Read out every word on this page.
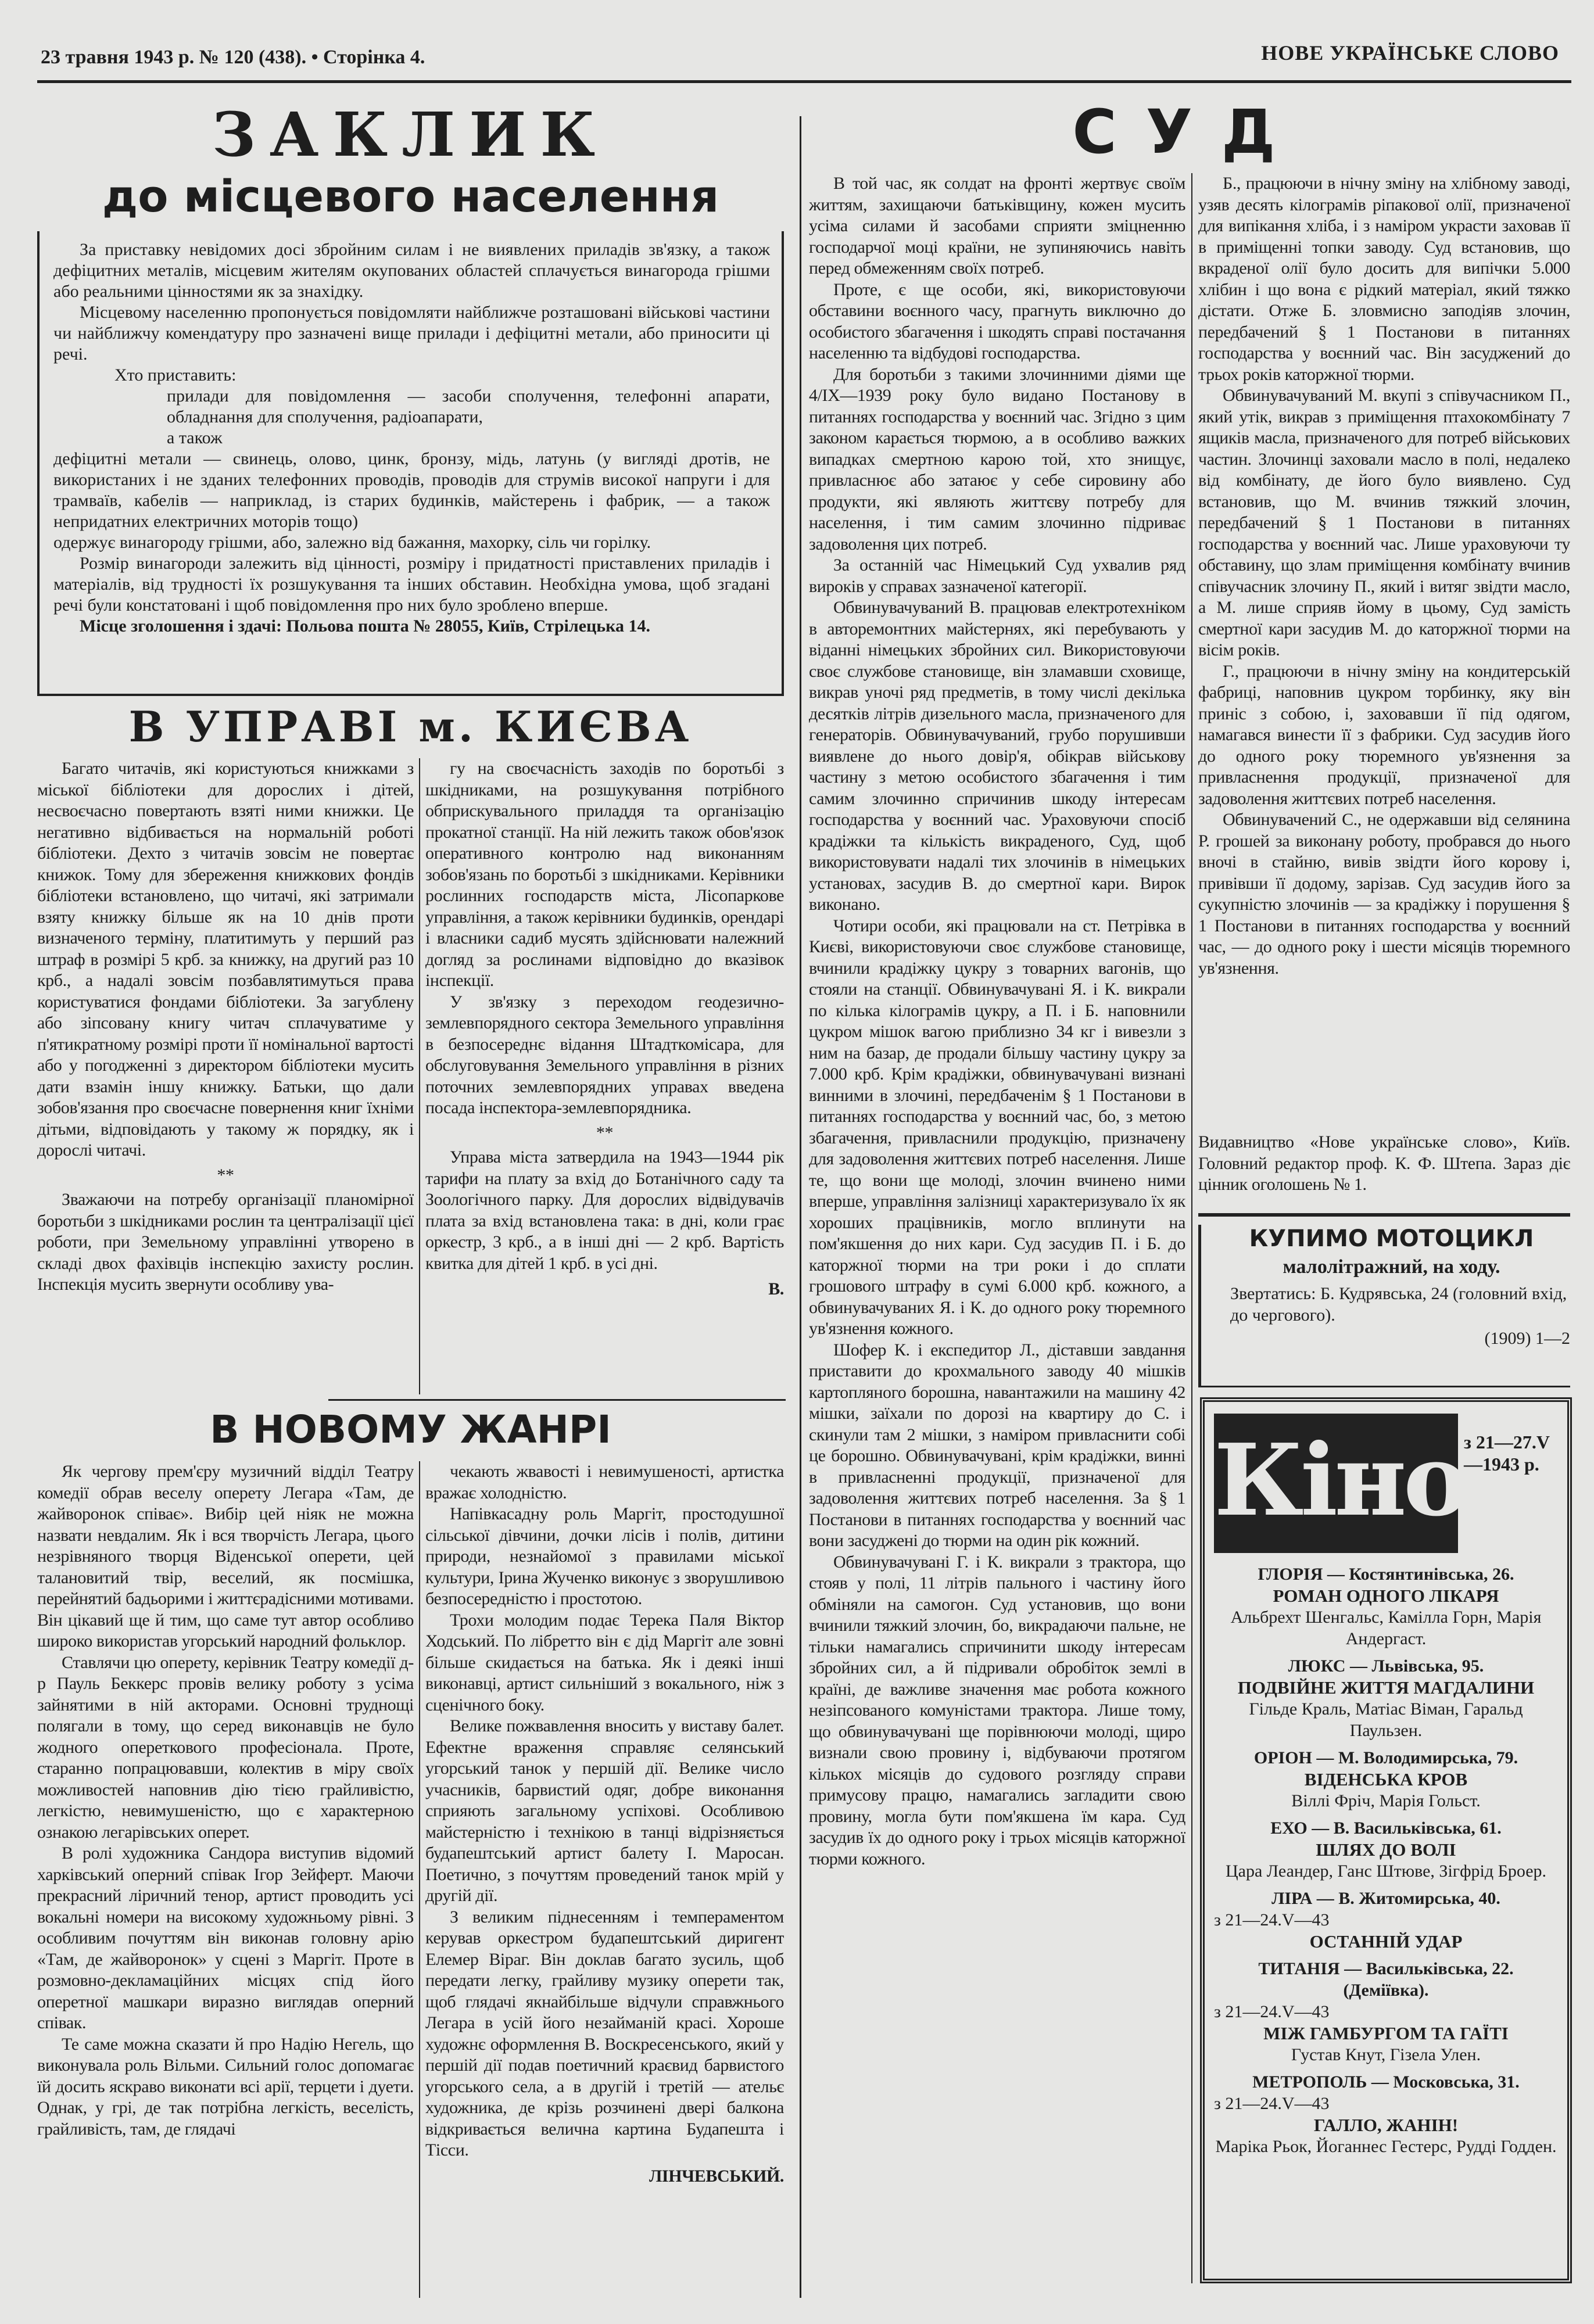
23 травня 1943 р. № 120 (438). • Сторінка 4.	НОВЕ УКРАЇНСЬКЕ СЛОВО
ЗАКЛИК
до місцевого населення

За приставку невідомих досі збройним силам і не виявлених приладів зв'язку, а також дефіцитних металів, місцевим жителям окупованих областей сплачується винагорода грішми або реальними цінностями як за знахідку.

Місцевому населенню пропонується повідомляти найближче розташовані військові частини чи найближчу комендатуру про зазначені вище прилади і дефіцитні метали, або приносити ці речі.

Хто приставить:

прилади для повідомлення — засоби сполучення, телефонні апарати, обладнання для сполучення, радіоапарати,

а також

дефіцитні метали — свинець, олово, цинк, бронзу, мідь, латунь (у вигляді дротів, не використаних і не зданих телефонних проводів, проводів для струмів високої напруги і для трамваїв, кабелів — наприклад, із старих будинків, майстерень і фабрик, — а також непридатних електричних моторів тощо)

одержує винагороду грішми, або, залежно від бажання, махорку, сіль чи горілку.

Розмір винагороди залежить від цінності, розміру і придатності приставлених приладів і матеріалів, від трудності їх розшукування та інших обставин. Необхідна умова, щоб згадані речі були констатовані і щоб повідомлення про них було зроблено вперше.

Місце зголошення і здачі: Польова пошта № 28055, Київ, Стрілецька 14.

В УПРАВІ м. КИЄВА

Багато читачів, які користуються книжками з міської бібліотеки для дорослих і дітей, несвоєчасно повертають взяті ними книжки. Це негативно відбивається на нормальній роботі бібліотеки. Дехто з читачів зовсім не повертає книжок. Тому для збереження книжкових фондів бібліотеки встановлено, що читачі, які затримали взяту книжку більше як на 10 днів проти визначеного терміну, платитимуть у перший раз штраф в розмірі 5 крб. за книжку, на другий раз 10 крб., а надалі зовсім позбавлятимуться права користуватися фондами бібліотеки. За загублену або зіпсовану книгу читач сплачуватиме у п'ятикратному розмірі проти її номінальної вартості або у погодженні з директором бібліотеки мусить дати взамін іншу книжку. Батьки, що дали зобов'язання про своєчасне повернення книг їхніми дітьми, відповідають у такому ж порядку, як і дорослі читачі.

**

Зважаючи на потребу організації планомірної боротьби з шкідниками рослин та централізації цієї роботи, при Земельному управлінні утворено в складі двох фахівців інспекцію захисту рослин. Інспекція мусить звернути особливу ува-

гу на своєчасність заходів по боротьбі з шкідниками, на розшукування потрібного обприскувального приладдя та організацію прокатної станції. На ній лежить також обов'язок оперативного контролю над виконанням зобов'язань по боротьбі з шкідниками. Керівники рослинних господарств міста, Лісопаркове управління, а також керівники будинків, орендарі і власники садиб мусять здійснювати належний догляд за рослинами відповідно до вказівок інспекції.

У зв'язку з переходом геодезично-землевпорядного сектора Земельного управління в безпосереднє відання Штадткомісара, для обслуговування Земельного управління в різних поточних землевпорядних управах введена посада інспектора-землевпорядника.

**

Управа міста затвердила на 1943—1944 рік тарифи на плату за вхід до Ботанічного саду та Зоологічного парку. Для дорослих відвідувачів плата за вхід встановлена така: в дні, коли грає оркестр, 3 крб., а в інші дні — 2 крб. Вартість квитка для дітей 1 крб. в усі дні.

В.

В НОВОМУ ЖАНРІ

Як чергову прем'єру музичний відділ Театру комедії обрав веселу оперету Легара «Там, де жайворонок співає». Вибір цей ніяк не можна назвати невдалим. Як і вся творчість Легара, цього незрівняного творця Віденської оперети, цей талановитий твір, веселий, як посмішка, перейнятий бадьорими і життєрадісними мотивами. Він цікавий ще й тим, що саме тут автор особливо широко використав угорський народний фольклор.

Ставлячи цю оперету, керівник Театру комедії д-р Пауль Беккерс провів велику роботу з усіма зайнятими в ній акторами. Основні труднощі полягали в тому, що серед виконавців не було жодного опереткового професіонала. Проте, старанно попрацювавши, колектив в міру своїх можливостей наповнив дію тією грайливістю, легкістю, невимушеністю, що є характерною ознакою легарівських оперет.

В ролі художника Сандора виступив відомий харківський оперний співак Ігор Зейферт. Маючи прекрасний ліричний тенор, артист проводить усі вокальні номери на високому художньому рівні. З особливим почуттям він виконав головну арію «Там, де жайворонок» у сцені з Маргіт. Проте в розмовно-декламаційних місцях спід його оперетної машкари виразно виглядав оперний співак.

Те саме можна сказати й про Надію Негель, що виконувала роль Вільми. Сильний голос допомагає їй досить яскраво виконати всі арії, терцети і дуети. Однак, у грі, де так потрібна легкість, веселість, грайливість, там, де глядачі

чекають жвавості і невимушеності, артистка вражає холодністю.

Напівкасадну роль Маргіт, простодушної сільської дівчини, дочки лісів і полів, дитини природи, незнайомої з правилами міської культури, Ірина Жученко виконує з зворушливою безпосередністю і простотою.

Трохи молодим подає Терека Паля Віктор Ходський. По лібретто він є дід Маргіт але зовні більше скидається на батька. Як і деякі інші виконавці, артист сильніший з вокального, ніж з сценічного боку.

Велике пожвавлення вносить у виставу балет. Ефектне враження справляє селянський угорський танок у першій дії. Велике число учасників, барвистий одяг, добре виконання сприяють загальному успіхові. Особливою майстерністю і технікою в танці відрізняється будапештський артист балету І. Маросан. Поетично, з почуттям проведений танок мрій у другій дії.

З великим піднесенням і темпераментом керував оркестром будапештський диригент Елемер Віраг. Він доклав багато зусиль, щоб передати легку, грайливу музику оперети так, щоб глядачі якнайбільше відчули справжнього Легара в усій його незайманій красі. Хороше художнє оформлення В. Воскресенського, який у першій дії подав поетичний краєвид барвистого угорського села, а в другій і третій — ательє художника, де крізь розчинені двері балкона відкривається велична картина Будапешта і Тісси.

ЛІНЧЕВСЬКИЙ.

СУД

В той час, як солдат на фронті жертвує своїм життям, захищаючи батьківщину, кожен мусить усіма силами й засобами сприяти зміцненню господарчої моці країни, не зупиняючись навіть перед обмеженням своїх потреб.

Проте, є ще особи, які, використовуючи обставини воєнного часу, прагнуть виключно до особистого збагачення і шкодять справі постачання населенню та відбудові господарства.

Для боротьби з такими злочинними діями ще 4/IX—1939 року було видано Постанову в питаннях господарства у воєнний час. Згідно з цим законом карається тюрмою, а в особливо важких випадках смертною карою той, хто знищує, привласнює або затаює у себе сировину або продукти, які являють життєву потребу для населення, і тим самим злочинно підриває задоволення цих потреб.

За останній час Німецький Суд ухвалив ряд вироків у справах зазначеної категорії.

Обвинувачуваний В. працював електротехніком в авторемонтних майстернях, які перебувають у віданні німецьких збройних сил. Використовуючи своє службове становище, він зламавши сховище, викрав уночі ряд предметів, в тому числі декілька десятків літрів дизельного масла, призначеного для генераторів. Обвинувачуваний, грубо порушивши виявлене до нього довір'я, обікрав військову частину з метою особистого збагачення і тим самим злочинно спричинив шкоду інтересам господарства у воєнний час. Ураховуючи спосіб крадіжки та кількість викраденого, Суд, щоб використовувати надалі тих злочинів в німецьких установах, засудив В. до смертної кари. Вирок виконано.

Чотири особи, які працювали на ст. Петрівка в Києві, використовуючи своє службове становище, вчинили крадіжку цукру з товарних вагонів, що стояли на станції. Обвинувачувані Я. і К. викрали по кілька кілограмів цукру, а П. і Б. наповнили цукром мішок вагою приблизно 34 кг і вивезли з ним на базар, де продали більшу частину цукру за 7.000 крб. Крім крадіжки, обвинувачувані визнані винними в злочині, передбаченім § 1 Постанови в питаннях господарства у воєнний час, бо, з метою збагачення, привласнили продукцію, призначену для задоволення життєвих потреб населення. Лише те, що вони ще молоді, злочин вчинено ними вперше, управління залізниці характеризувало їх як хороших працівників, могло вплинути на пом'якшення до них кари. Суд засудив П. і Б. до каторжної тюрми на три роки і до сплати грошового штрафу в сумі 6.000 крб. кожного, а обвинувачуваних Я. і К. до одного року тюремного ув'язнення кожного.

Шофер К. і експедитор Л., діставши завдання приставити до крохмального заводу 40 мішків картопляного борошна, навантажили на машину 42 мішки, заїхали по дорозі на квартиру до С. і скинули там 2 мішки, з наміром привласнити собі це борошно. Обвинувачувані, крім крадіжки, винні в привласненні продукції, призначеної для задоволення життєвих потреб населення. За § 1 Постанови в питаннях господарства у воєнний час вони засуджені до тюрми на один рік кожний.

Обвинувачувані Г. і К. викрали з трактора, що стояв у полі, 11 літрів пального і частину його обміняли на самогон. Суд установив, що вони вчинили тяжкий злочин, бо, викрадаючи пальне, не тільки намагались спричинити шкоду інтересам збройних сил, а й підривали обробіток землі в країні, де важливе значення має робота кожного незіпсованого комуністами трактора. Лише тому, що обвинувачувані ще порівнюючи молоді, щиро визнали свою провину і, відбуваючи протягом кількох місяців до судового розгляду справи примусову працю, намагались загладити свою провину, могла бути пом'якшена їм кара. Суд засудив їх до одного року і трьох місяців каторжної тюрми кожного.

Б., працюючи в нічну зміну на хлібному заводі, узяв десять кілограмів ріпакової олії, призначеної для випікання хліба, і з наміром украсти заховав її в приміщенні топки заводу. Суд встановив, що вкраденої олії було досить для випічки 5.000 хлібин і що вона є рідкий матеріал, який тяжко дістати. Отже Б. зловмисно заподіяв злочин, передбачений § 1 Постанови в питаннях господарства у воєнний час. Він засуджений до трьох років каторжної тюрми.

Обвинувачуваний М. вкупі з співучасником П., який утік, викрав з приміщення птахокомбінату 7 ящиків масла, призначеного для потреб військових частин. Злочинці заховали масло в полі, недалеко від комбінату, де його було виявлено. Суд встановив, що М. вчинив тяжкий злочин, передбачений § 1 Постанови в питаннях господарства у воєнний час. Лише ураховуючи ту обставину, що злам приміщення комбінату вчинив співучасник злочину П., який і витяг звідти масло, а М. лише сприяв йому в цьому, Суд замість смертної кари засудив М. до каторжної тюрми на вісім років.

Г., працюючи в нічну зміну на кондитерській фабриці, наповнив цукром торбинку, яку він приніс з собою, і, заховавши її під одягом, намагався винести її з фабрики. Суд засудив його до одного року тюремного ув'язнення за привласнення продукції, призначеної для задоволення життєвих потреб населення.

Обвинувачений С., не одержавши від селянина Р. грошей за виконану роботу, пробрався до нього вночі в стайню, вивів звідти його корову і, привівши її додому, зарізав. Суд засудив його за сукупністю злочинів — за крадіжку і порушення § 1 Постанови в питаннях господарства у воєнний час, — до одного року і шести місяців тюремного ув'язнення.

Видавництво «Нове українське слово», Київ. Головний редактор проф. К. Ф. Штепа. Зараз діє цінник оголошень № 1.

КУПИМО МОТОЦИКЛ
малолітражний, на ходу.
Звертатись: Б. Кудрявська, 24 (головний вхід, до чергового).
(1909) 1—2
Кіно
з 21—27.V—1943 р.
ГЛОРІЯ — Костянтинівська, 26.
РОМАН ОДНОГО ЛІКАРЯ
Альбрехт Шенгальс, Камілла Горн, Марія Андергаст.
ЛЮКС — Львівська, 95.
ПОДВІЙНЕ ЖИТТЯ МАГДАЛИНИ
Гільде Краль, Матіас Віман, Гаральд Паульзен.
ОРІОН — М. Володимирська, 79.
ВІДЕНСЬКА КРОВ
Віллі Фріч, Марія Гольст.
ЕХО — В. Васильківська, 61.
ШЛЯХ ДО ВОЛІ
Цара Леандер, Ганс Штюве, Зігфрід Броер.
ЛІРА — В. Житомирська, 40.
з 21—24.V—43
ОСТАННІЙ УДАР
ТИТАНІЯ — Васильківська, 22. (Деміївка).
з 21—24.V—43
МІЖ ГАМБУРГОМ ТА ГАЇТІ
Густав Кнут, Гізела Улен.
МЕТРОПОЛЬ — Московська, 31.
з 21—24.V—43
ГАЛЛО, ЖАНІН!
Маріка Рьок, Йоганнес Гестерс, Рудді Годден.
